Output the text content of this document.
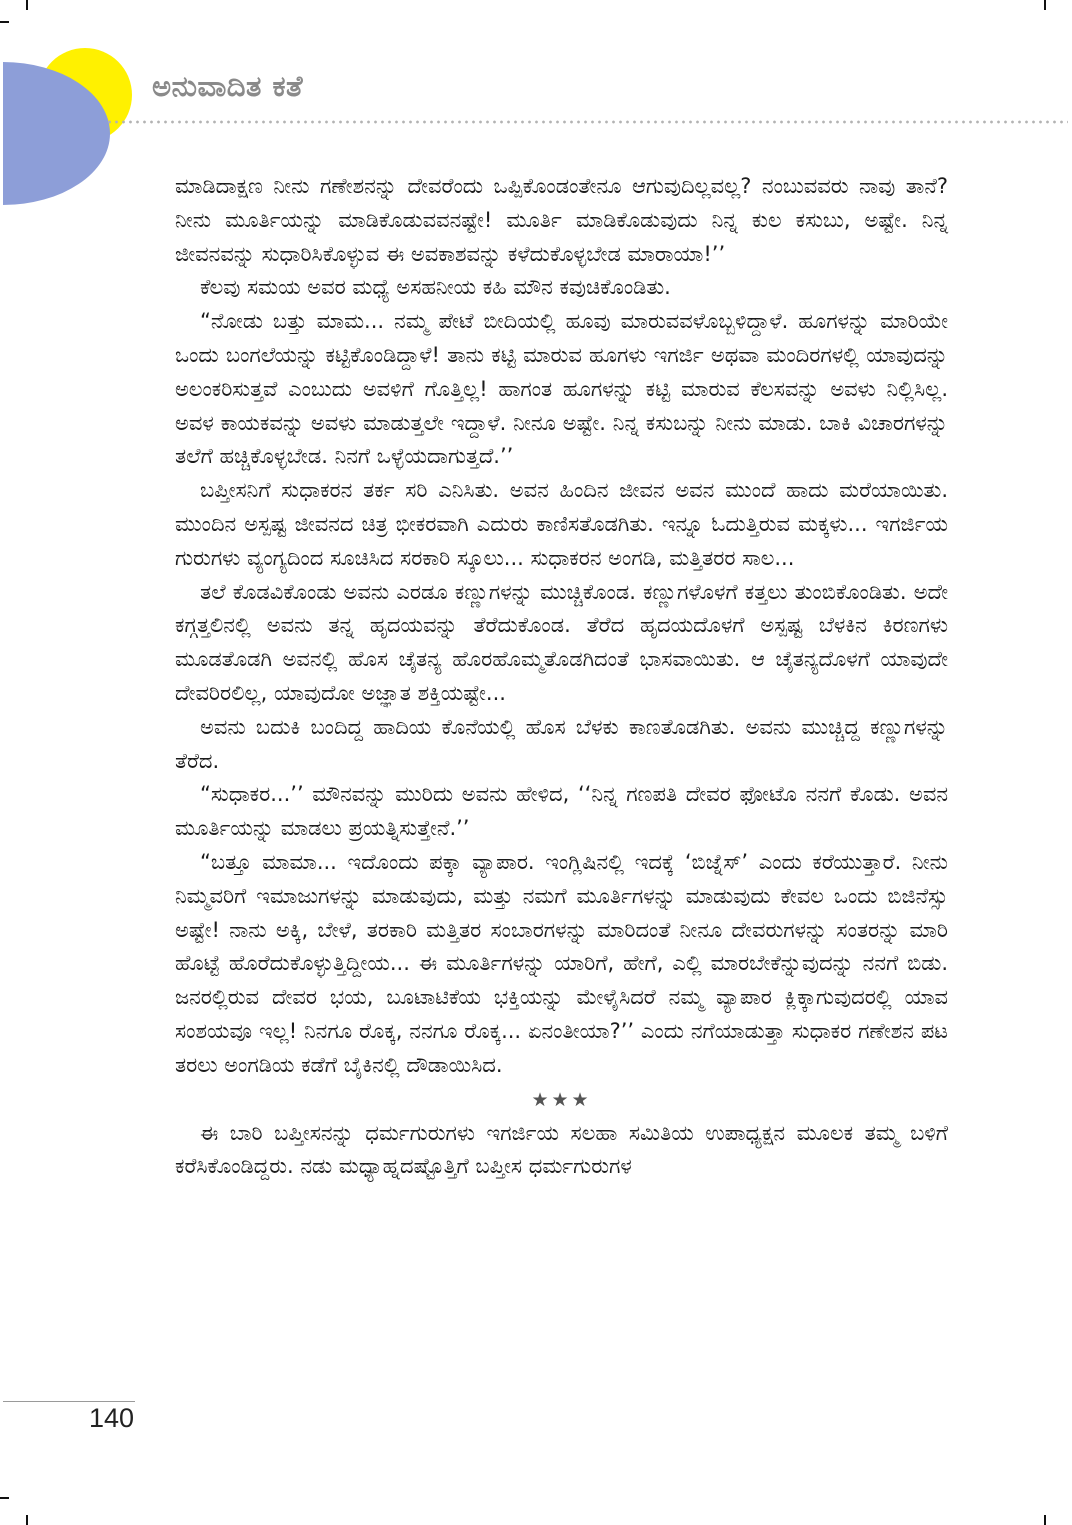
ಅನುವಾದಿತ ಕತೆ

ಮಾಡಿದಾಕ್ಷಣ ನೀನು ಗಣೇಶನನ್ನು ದೇವರೆಂದು ಒಪ್ಪಿಕೊಂಡಂತೇನೂ ಆಗುವುದಿಲ್ಲವಲ್ಲ? ನಂಬುವವರು ನಾವು ತಾನೆ? ನೀನು ಮೂರ್ತಿಯನ್ನು ಮಾಡಿಕೊಡುವವನಷ್ಟೇ! ಮೂರ್ತಿ ಮಾಡಿಕೊಡುವುದು ನಿನ್ನ ಕುಲ ಕಸುಬು, ಅಷ್ಟೇ. ನಿನ್ನ ಜೀವನವನ್ನು ಸುಧಾರಿಸಿಕೊಳ್ಳುವ ಈ ಅವಕಾಶವನ್ನು ಕಳೆದುಕೊಳ್ಳಬೇಡ ಮಾರಾಯಾ!’’

ಕೆಲವು ಸಮಯ ಅವರ ಮಧ್ಯೆ ಅಸಹನೀಯ ಕಹಿ ಮೌನ ಕವುಚಿಕೊಂಡಿತು.

“ನೋಡು ಬತ್ತು ಮಾಮ... ನಮ್ಮ ಪೇಟೆ ಬೀದಿಯಲ್ಲಿ ಹೂವು ಮಾರುವವಳೊಬ್ಬಳಿದ್ದಾಳೆ. ಹೂಗಳನ್ನು ಮಾರಿಯೇ ಒಂದು ಬಂಗಲೆಯನ್ನು ಕಟ್ಟಿಕೊಂಡಿದ್ದಾಳೆ! ತಾನು ಕಟ್ಟಿ ಮಾರುವ ಹೂಗಳು ಇಗರ್ಜಿ ಅಥವಾ ಮಂದಿರಗಳಲ್ಲಿ ಯಾವುದನ್ನು ಅಲಂಕರಿಸುತ್ತವೆ ಎಂಬುದು ಅವಳಿಗೆ ಗೊತ್ತಿಲ್ಲ! ಹಾಗಂತ ಹೂಗಳನ್ನು ಕಟ್ಟಿ ಮಾರುವ ಕೆಲಸವನ್ನು ಅವಳು ನಿಲ್ಲಿಸಿಲ್ಲ. ಅವಳ ಕಾಯಕವನ್ನು ಅವಳು ಮಾಡುತ್ತಲೇ ಇದ್ದಾಳೆ. ನೀನೂ ಅಷ್ಟೇ. ನಿನ್ನ ಕಸುಬನ್ನು ನೀನು ಮಾಡು. ಬಾಕಿ ವಿಚಾರಗಳನ್ನು ತಲೆಗೆ ಹಚ್ಚಿಕೊಳ್ಳಬೇಡ. ನಿನಗೆ ಒಳ್ಳೆಯದಾಗುತ್ತದೆ.’’

ಬಪ್ತೀಸನಿಗೆ ಸುಧಾಕರನ ತರ್ಕ ಸರಿ ಎನಿಸಿತು. ಅವನ ಹಿಂದಿನ ಜೀವನ ಅವನ ಮುಂದೆ ಹಾದು ಮರೆಯಾಯಿತು. ಮುಂದಿನ ಅಸ್ಪಷ್ಟ ಜೀವನದ ಚಿತ್ರ ಭೀಕರವಾಗಿ ಎದುರು ಕಾಣಿಸತೊಡಗಿತು. ಇನ್ನೂ ಓದುತ್ತಿರುವ ಮಕ್ಕಳು... ಇಗರ್ಜಿಯ ಗುರುಗಳು ವ್ಯಂಗ್ಯದಿಂದ ಸೂಚಿಸಿದ ಸರಕಾರಿ ಸ್ಕೂಲು... ಸುಧಾಕರನ ಅಂಗಡಿ, ಮತ್ತಿತರರ ಸಾಲ...

ತಲೆ ಕೊಡವಿಕೊಂಡು ಅವನು ಎರಡೂ ಕಣ್ಣುಗಳನ್ನು ಮುಚ್ಚಿಕೊಂಡ. ಕಣ್ಣುಗಳೊಳಗೆ ಕತ್ತಲು ತುಂಬಿಕೊಂಡಿತು. ಅದೇ ಕಗ್ಗತ್ತಲಿನಲ್ಲಿ ಅವನು ತನ್ನ ಹೃದಯವನ್ನು ತೆರೆದುಕೊಂಡ. ತೆರೆದ ಹೃದಯದೊಳಗೆ ಅಸ್ಪಷ್ಟ ಬೆಳಕಿನ ಕಿರಣಗಳು ಮೂಡತೊಡಗಿ ಅವನಲ್ಲಿ ಹೊಸ ಚೈತನ್ಯ ಹೊರಹೊಮ್ಮತೊಡಗಿದಂತೆ ಭಾಸವಾಯಿತು. ಆ ಚೈತನ್ಯದೊಳಗೆ ಯಾವುದೇ ದೇವರಿರಲಿಲ್ಲ, ಯಾವುದೋ ಅಜ್ಞಾತ ಶಕ್ತಿಯಷ್ಟೇ...

ಅವನು ಬದುಕಿ ಬಂದಿದ್ದ ಹಾದಿಯ ಕೊನೆಯಲ್ಲಿ ಹೊಸ ಬೆಳಕು ಕಾಣತೊಡಗಿತು. ಅವನು ಮುಚ್ಚಿದ್ದ ಕಣ್ಣುಗಳನ್ನು ತೆರೆದ.

“ಸುಧಾಕರ...’’ ಮೌನವನ್ನು ಮುರಿದು ಅವನು ಹೇಳಿದ, ‘‘ನಿನ್ನ ಗಣಪತಿ ದೇವರ ಫೋಟೊ ನನಗೆ ಕೊಡು. ಅವನ ಮೂರ್ತಿಯನ್ನು ಮಾಡಲು ಪ್ರಯತ್ನಿಸುತ್ತೇನೆ.’’

“ಬತ್ತೂ ಮಾಮಾ... ಇದೊಂದು ಪಕ್ಕಾ ವ್ಯಾಪಾರ. ಇಂಗ್ಲಿಷಿನಲ್ಲಿ ಇದಕ್ಕೆ ‘ಬಿಜ್ನೆಸ್’ ಎಂದು ಕರೆಯುತ್ತಾರೆ. ನೀನು ನಿಮ್ಮವರಿಗೆ ಇಮಾಜುಗಳನ್ನು ಮಾಡುವುದು, ಮತ್ತು ನಮಗೆ ಮೂರ್ತಿಗಳನ್ನು ಮಾಡುವುದು ಕೇವಲ ಒಂದು ಬಿಜಿನೆಸ್ಸು ಅಷ್ಟೇ! ನಾನು ಅಕ್ಕಿ, ಬೇಳೆ, ತರಕಾರಿ ಮತ್ತಿತರ ಸಂಬಾರಗಳನ್ನು ಮಾರಿದಂತೆ ನೀನೂ ದೇವರುಗಳನ್ನು ಸಂತರನ್ನು ಮಾರಿ ಹೊಟ್ಟೆ ಹೊರೆದುಕೊಳ್ಳುತ್ತಿದ್ದೀಯ... ಈ ಮೂರ್ತಿಗಳನ್ನು ಯಾರಿಗೆ, ಹೇಗೆ, ಎಲ್ಲಿ ಮಾರಬೇಕೆನ್ನುವುದನ್ನು ನನಗೆ ಬಿಡು. ಜನರಲ್ಲಿರುವ ದೇವರ ಭಯ, ಬೂಟಾಟಿಕೆಯ ಭಕ್ತಿಯನ್ನು ಮೇಳೈಸಿದರೆ ನಮ್ಮ ವ್ಯಾಪಾರ ಕ್ಲಿಕ್ಕಾಗುವುದರಲ್ಲಿ ಯಾವ ಸಂಶಯವೂ ಇಲ್ಲ! ನಿನಗೂ ರೊಕ್ಕ, ನನಗೂ ರೊಕ್ಕ... ಏನಂತೀಯಾ?’’ ಎಂದು ನಗೆಯಾಡುತ್ತಾ ಸುಧಾಕರ ಗಣೇಶನ ಪಟ ತರಲು ಅಂಗಡಿಯ ಕಡೆಗೆ ಬೈಕಿನಲ್ಲಿ ದೌಡಾಯಿಸಿದ.

★★★

ಈ ಬಾರಿ ಬಪ್ತೀಸನನ್ನು ಧರ್ಮಗುರುಗಳು ಇಗರ್ಜಿಯ ಸಲಹಾ ಸಮಿತಿಯ ಉಪಾಧ್ಯಕ್ಷನ ಮೂಲಕ ತಮ್ಮ ಬಳಿಗೆ ಕರೆಸಿಕೊಂಡಿದ್ದರು. ನಡು ಮಧ್ಯಾಹ್ನದಷ್ಟೊತ್ತಿಗೆ ಬಪ್ತೀಸ ಧರ್ಮಗುರುಗಳ

140
